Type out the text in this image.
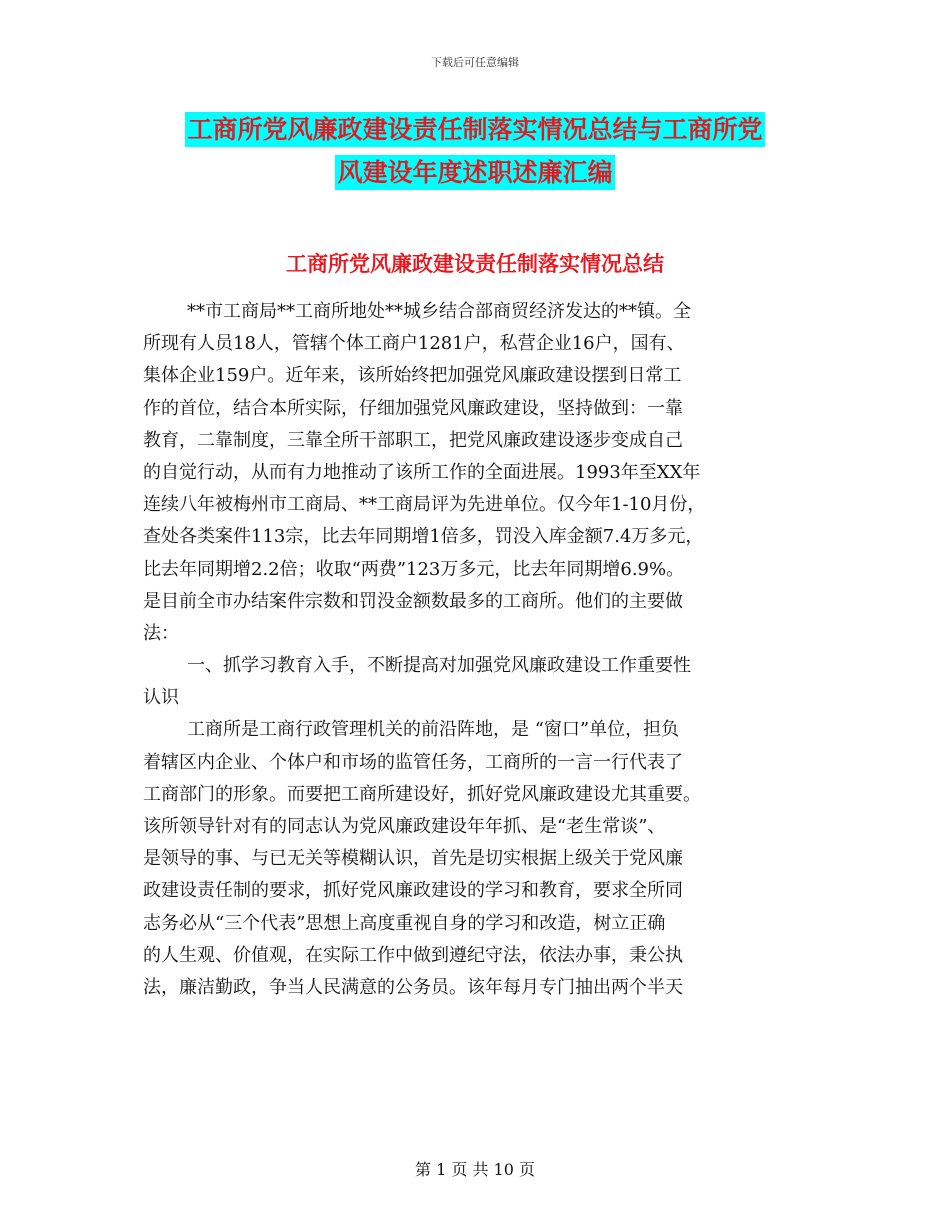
下载后可任意编辑
工商所党风廉政建设责任制落实情况总结与工商所党
风建设年度述职述廉汇编
工商所党风廉政建设责任制落实情况总结
**市工商局**工商所地处**城乡结合部商贸经济发达的**镇。全
所现有人员18人，管辖个体工商户1281户，私营企业16户，国有、
集体企业159户。近年来，该所始终把加强党风廉政建设摆到日常工
作的首位，结合本所实际，仔细加强党风廉政建设，坚持做到：一靠
教育，二靠制度，三靠全所干部职工，把党风廉政建设逐步变成自己
的自觉行动，从而有力地推动了该所工作的全面进展。1993年至XX年
连续八年被梅州市工商局、**工商局评为先进单位。仅今年1-10月份，
查处各类案件113宗，比去年同期增1倍多，罚没入库金额7.4万多元，
比去年同期增2.2倍；收取“两费”123万多元，比去年同期增6.9%。
是目前全市办结案件宗数和罚没金额数最多的工商所。他们的主要做
法：
一、抓学习教育入手，不断提高对加强党风廉政建设工作重要性
认识
工商所是工商行政管理机关的前沿阵地，是 “窗口”单位，担负
着辖区内企业、个体户和市场的监管任务，工商所的一言一行代表了
工商部门的形象。而要把工商所建设好，抓好党风廉政建设尤其重要。
该所领导针对有的同志认为党风廉政建设年年抓、是“老生常谈”、
是领导的事、与已无关等模糊认识，首先是切实根据上级关于党风廉
政建设责任制的要求，抓好党风廉政建设的学习和教育，要求全所同
志务必从“三个代表”思想上高度重视自身的学习和改造，树立正确
的人生观、价值观，在实际工作中做到遵纪守法，依法办事，秉公执
法，廉洁勤政，争当人民满意的公务员。该年每月专门抽出两个半天
第 1 页 共 10 页
